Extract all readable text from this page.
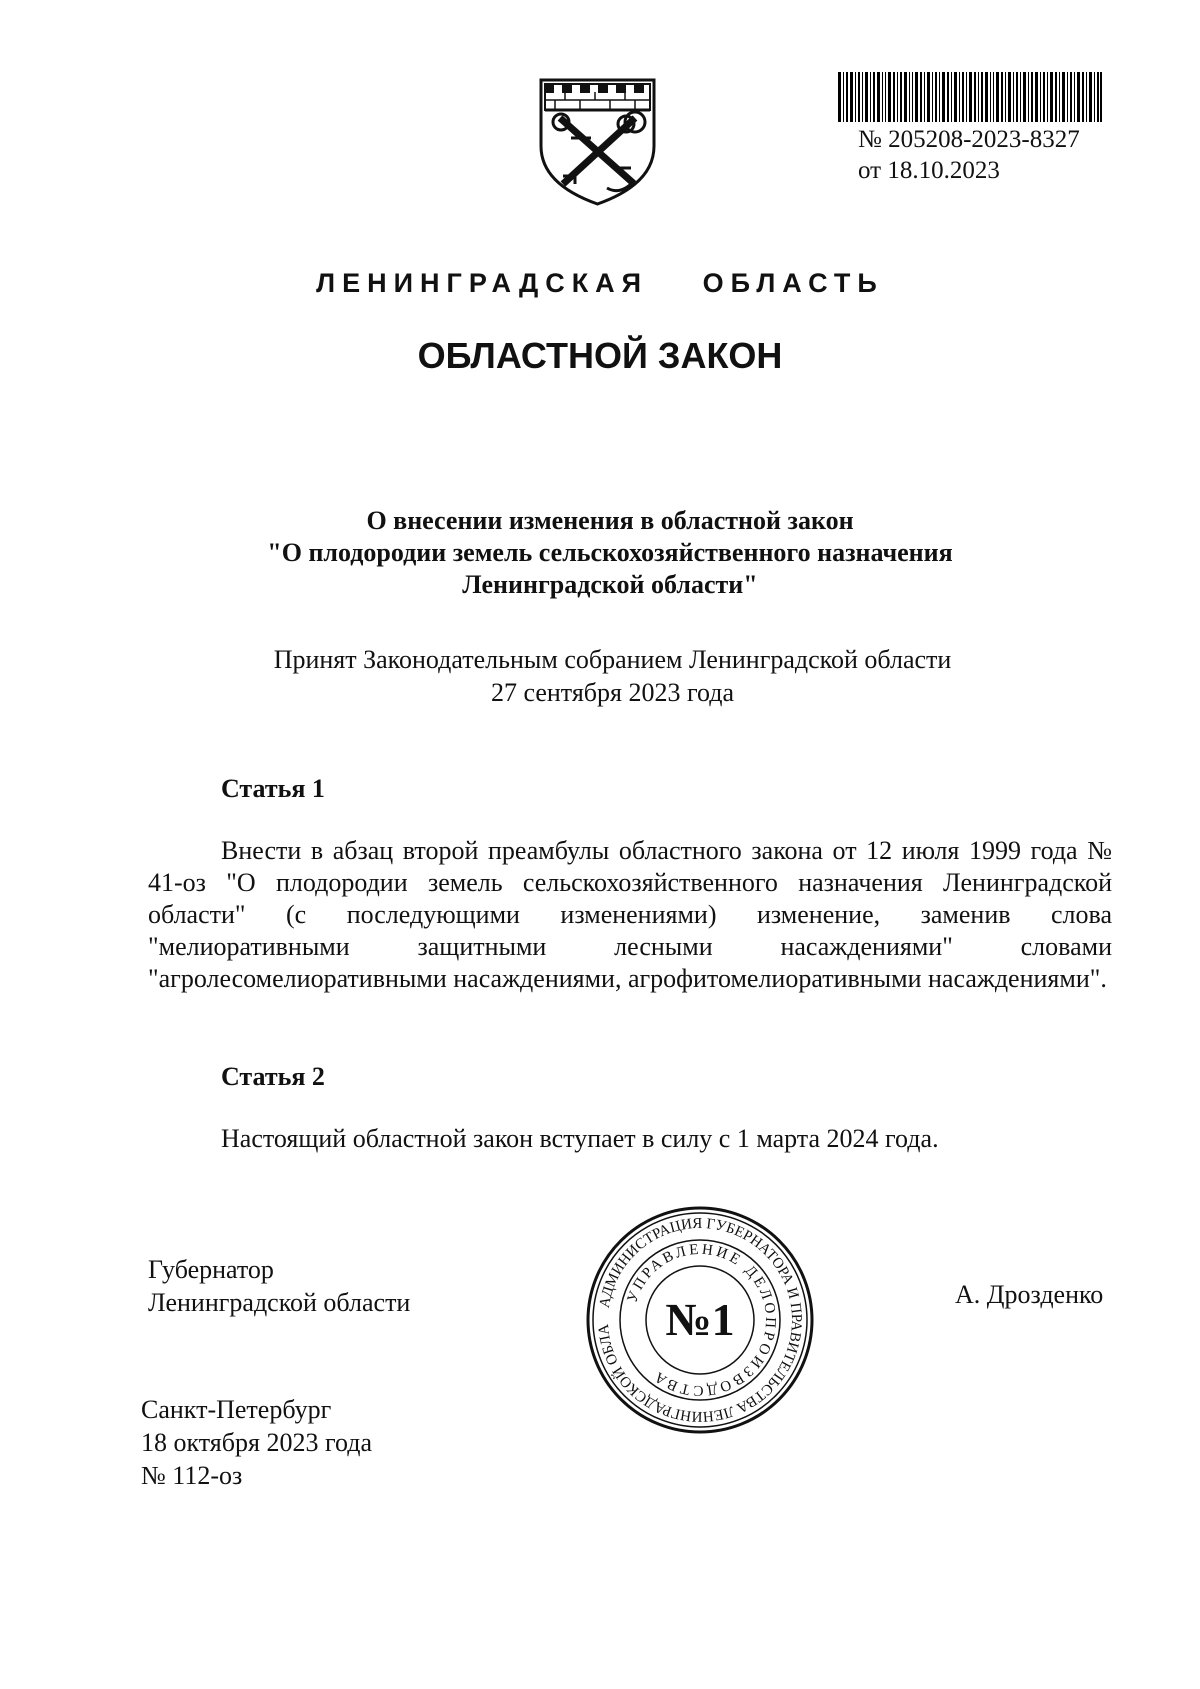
№ 205208-2023-8327
от 18.10.2023
ЛЕНИНГРАДСКАЯ ОБЛАСТЬ
ОБЛАСТНОЙ ЗАКОН
О внесении изменения в областной закон
"О плодородии земель сельскохозяйственного назначения
Ленинградской области"
Принят Законодательным собранием Ленинградской области
27 сентября 2023 года
Статья 1
Внести в абзац второй преамбулы областного закона от 12 июля 1999 года № 41-оз "О плодородии земель сельскохозяйственного назначения Ленинградской области" (с последующими изменениями) изменение, заменив слова "мелиоративными защитными лесными насаждениями" словами "агролесомелиоративными насаждениями, агрофитомелиоративными насаждениями".
Статья 2
Настоящий областной закон вступает в силу с 1 марта 2024 года.
Губернатор
Ленинградской области	А. Дрозденко
АДМИНИСТРАЦИЯ ГУБЕРНАТОРА И ПРАВИТЕЛЬСТВА ЛЕНИНГРАДСКОЙ ОБЛА
УПРАВЛЕНИЕ ДЕЛОПРОИЗВОДСТВА
№1
Санкт-Петербург
18 октября 2023 года
№ 112-оз
